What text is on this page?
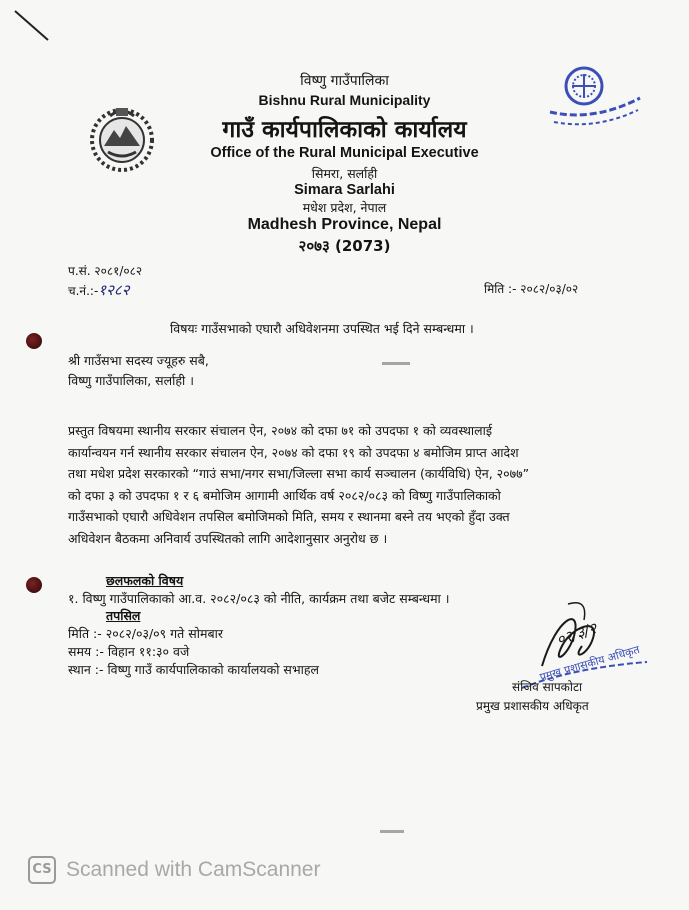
विष्णु गाउँपालिका
Bishnu Rural Municipality
गाउँ कार्यपालिकाको कार्यालय
Office of the Rural Municipal Executive
सिमरा, सर्लाही
Simara Sarlahi
मधेश प्रदेश, नेपाल
Madhesh Province, Nepal
२०७३ (2073)
प.सं. २०८१/०८२
च.नं.:-१२८२	मिति :- २०८२/०३/०२
विषयः गाउँसभाको एघारौ अधिवेशनमा उपस्थित भई दिने सम्बन्धमा ।
श्री गाउँसभा सदस्य ज्यूहरु सबै,
विष्णु गाउँपालिका, सर्लाही ।
प्रस्तुत विषयमा स्थानीय सरकार संचालन ऐन, २०७४ को दफा ७१ को उपदफा १ को व्यवस्थालाई
कार्यान्वयन गर्न स्थानीय सरकार संचालन ऐन, २०७४ को दफा १९ को उपदफा ४ बमोजिम प्राप्त आदेश
तथा मधेश प्रदेश सरकारको “गाउं सभा/नगर सभा/जिल्ला सभा कार्य सञ्चालन (कार्यविधि) ऐन, २०७७”
को दफा ३ को उपदफा १ र ६ बमोजिम आगामी आर्थिक वर्ष २०८२/०८३ को विष्णु गाउँपालिकाको
गाउँसभाको एघारौ अधिवेशन तपसिल बमोजिमको मिति, समय र स्थानमा बस्ने तय भएको हुँदा उक्त
अधिवेशन बैठकमा अनिवार्य उपस्थितको लागि आदेशानुसार अनुरोध छ ।
छलफलको विषय
१. विष्णु गाउँपालिकाको आ.व. २०८२/०८३ को नीति, कार्यक्रम तथा बजेट सम्बन्धमा ।
तपसिल
मिति :- २०८२/०३/०९ गते सोमबार
समय :- विहान ११:३० वजे
स्थान :- विष्णु गाउँ कार्यपालिकाको कार्यालयको सभाहल
०२/३/२
प्रमुख प्रशासकीय अधिकृत
संजिव सापकोटा
प्रमुख प्रशासकीय अधिकृत
CS Scanned with CamScanner
